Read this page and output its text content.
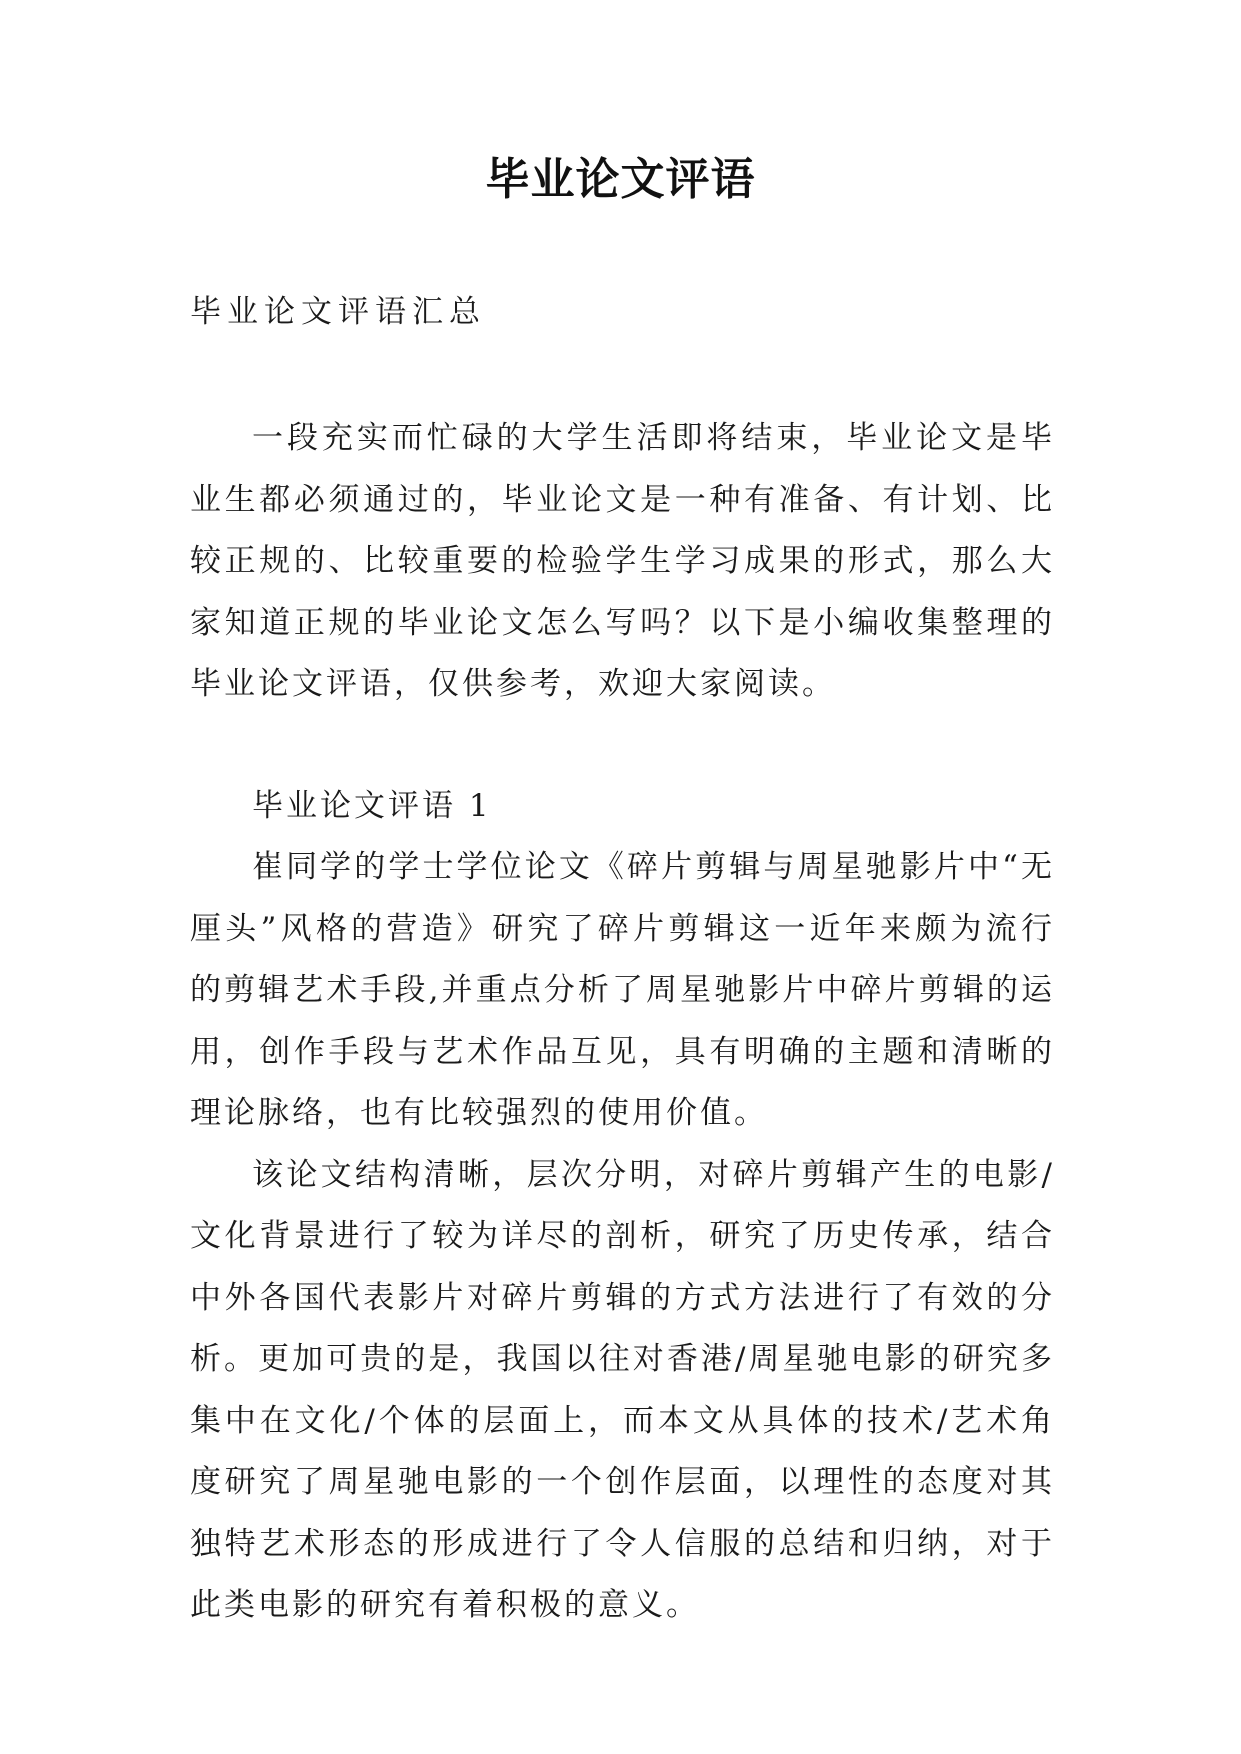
毕业论文评语
毕业论文评语汇总

一段充实而忙碌的大学生活即将结束，毕业论文是毕业生都必须通过的，毕业论文是一种有准备、有计划、比较正规的、比较重要的检验学生学习成果的形式，那么大家知道正规的毕业论文怎么写吗？以下是小编收集整理的毕业论文评语，仅供参考，欢迎大家阅读。

毕业论文评语 1

崔同学的学士学位论文《碎片剪辑与周星驰影片中“无厘头”风格的营造》研究了碎片剪辑这一近年来颇为流行的剪辑艺术手段,并重点分析了周星驰影片中碎片剪辑的运用，创作手段与艺术作品互见，具有明确的主题和清晰的理论脉络，也有比较强烈的使用价值。

该论文结构清晰，层次分明，对碎片剪辑产生的电影/文化背景进行了较为详尽的剖析，研究了历史传承，结合中外各国代表影片对碎片剪辑的方式方法进行了有效的分析。更加可贵的是，我国以往对香港/周星驰电影的研究多集中在文化/个体的层面上，而本文从具体的技术/艺术角度研究了周星驰电影的一个创作层面，以理性的态度对其独特艺术形态的形成进行了令人信服的总结和归纳，对于此类电影的研究有着积极的意义。
